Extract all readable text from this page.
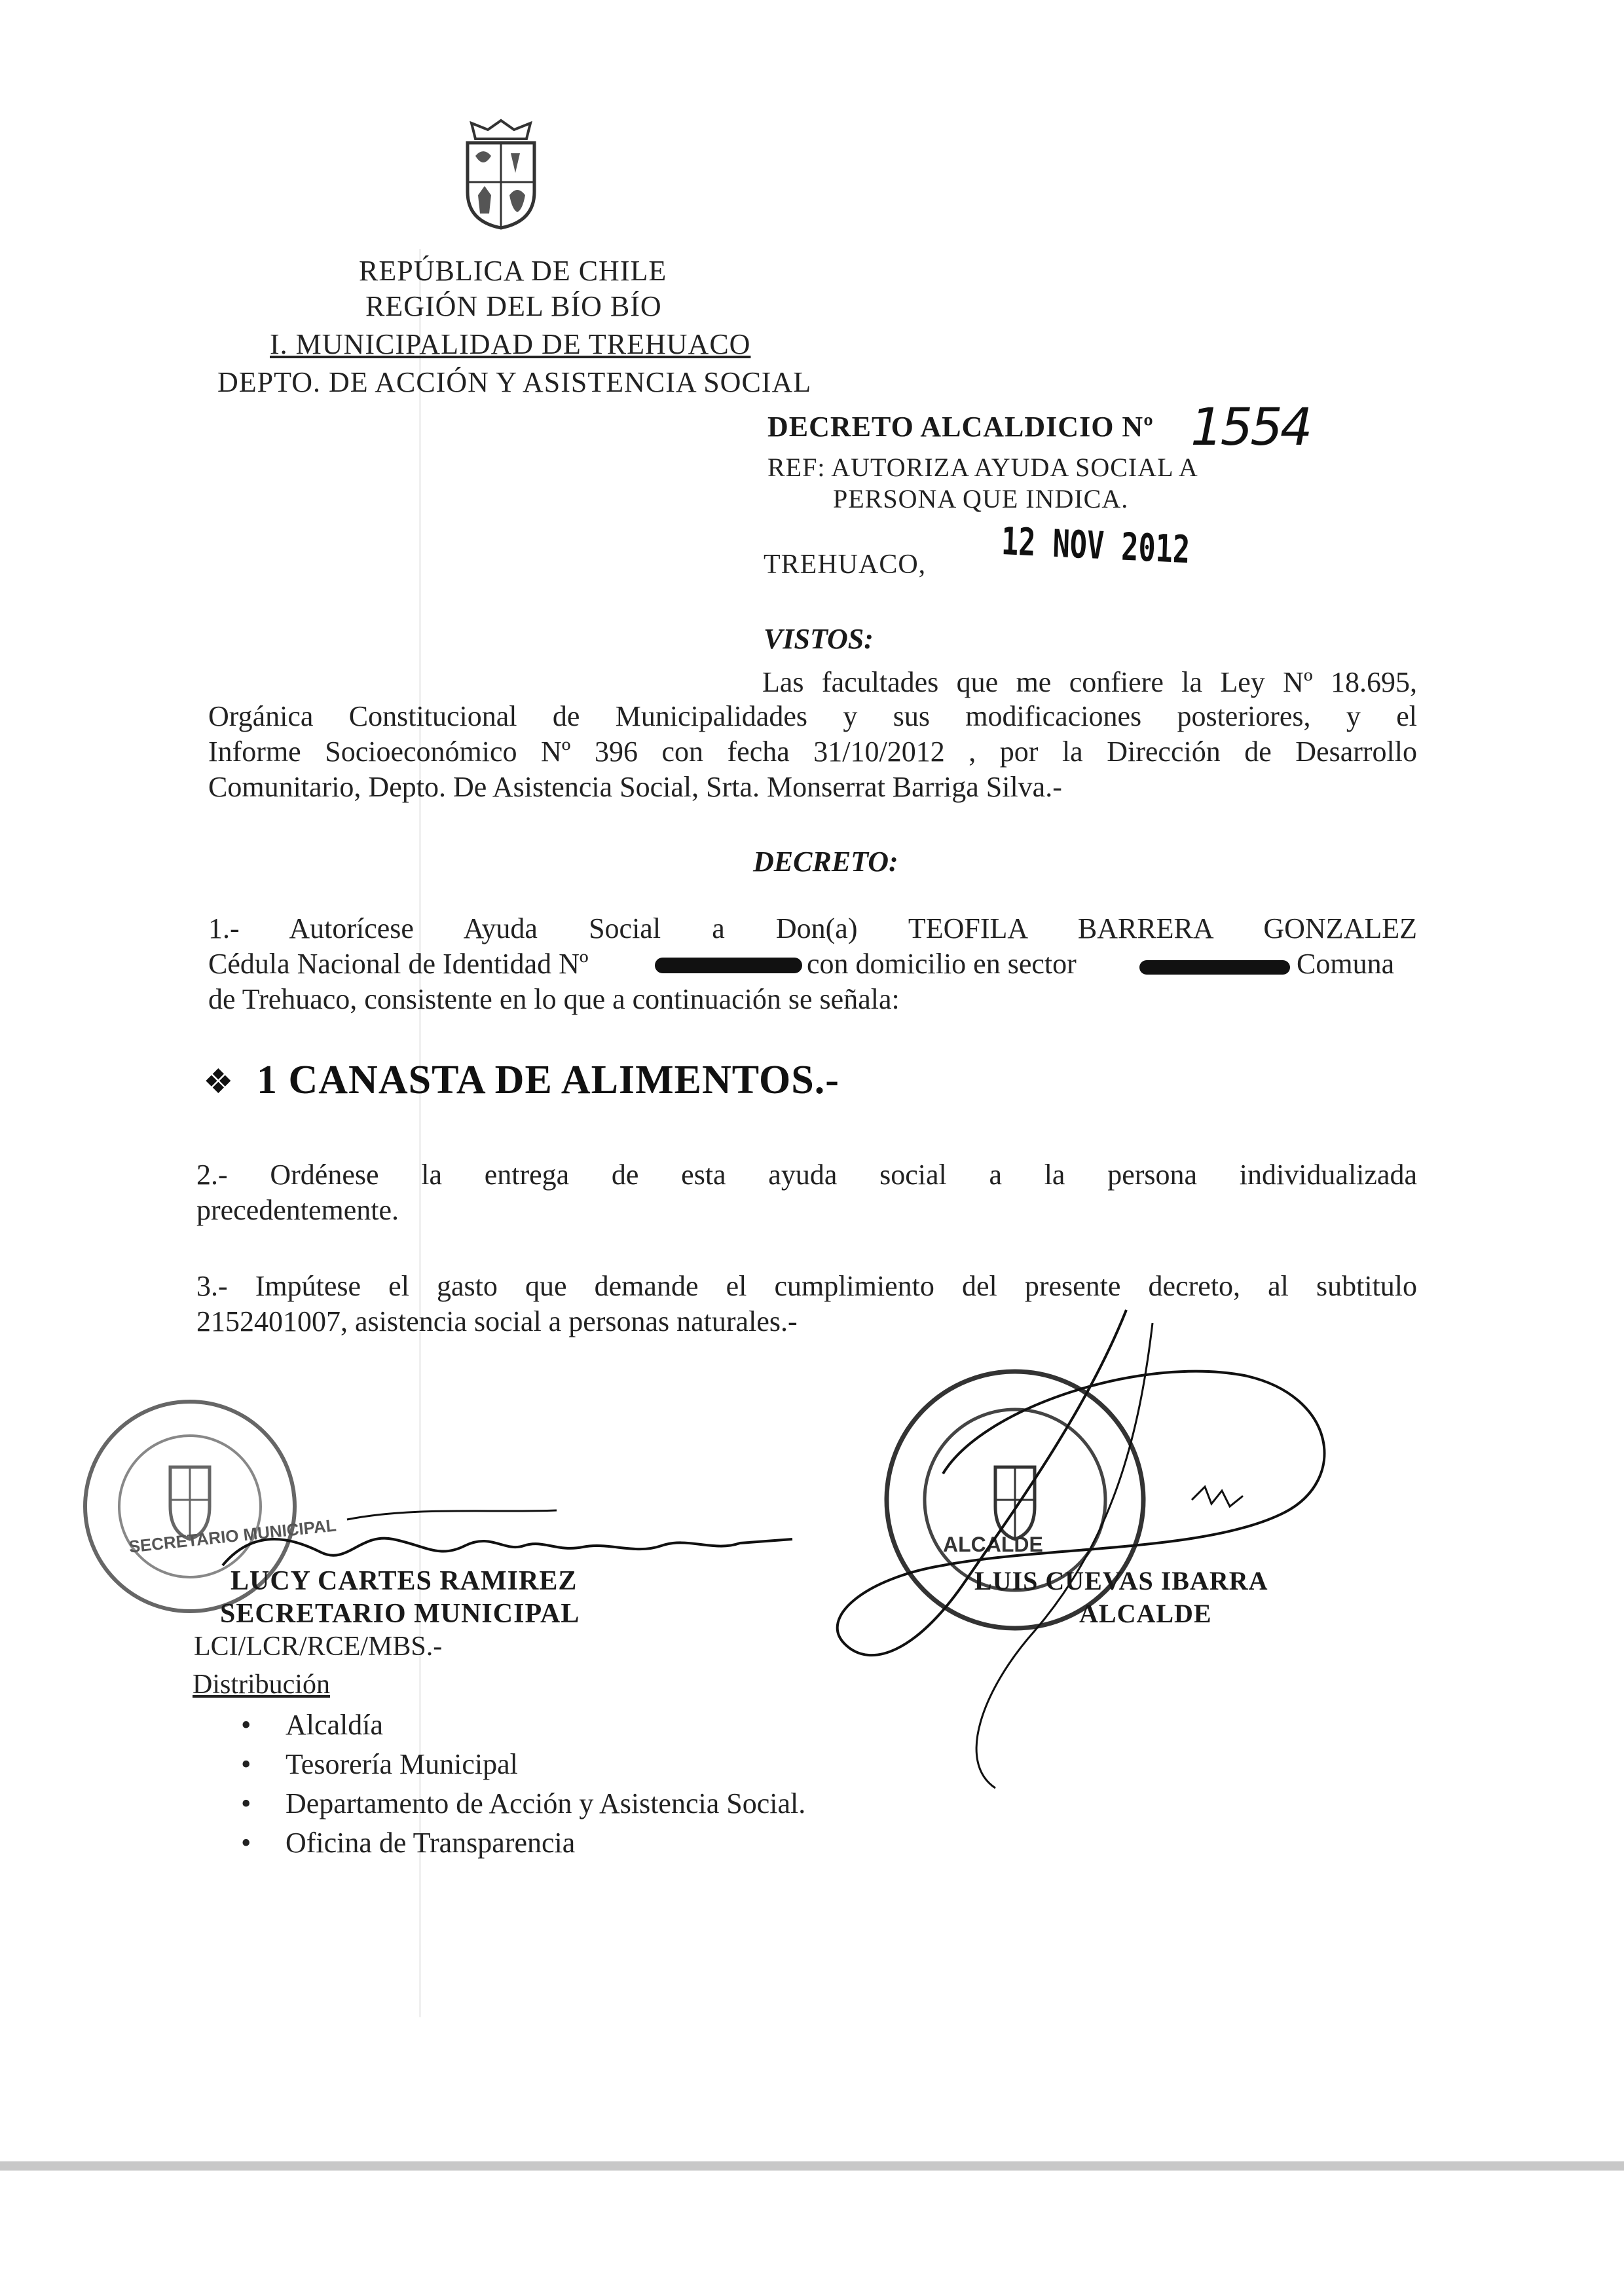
REPÚBLICA DE CHILE
REGIÓN DEL BÍO BÍO
I. MUNICIPALIDAD DE TREHUACO
DEPTO. DE ACCIÓN Y ASISTENCIA SOCIAL
DECRETO ALCALDICIO Nº 1554
REF: AUTORIZA AYUDA SOCIAL A
PERSONA QUE INDICA.
12 NOV 2012
TREHUACO,
VISTOS:
Las facultades que me confiere la Ley Nº 18.695,
Orgánica Constitucional de Municipalidades y sus modificaciones posteriores, y el
Informe Socioeconómico Nº 396 con fecha 31/10/2012 , por la Dirección de Desarrollo
Comunitario, Depto. De Asistencia Social, Srta. Monserrat Barriga Silva.-
DECRETO:
1.- Autorícese Ayuda Social a Don(a) TEOFILA BARRERA GONZALEZ
Cédula Nacional de Identidad Nº	con domicilio en sector	Comuna
de Trehuaco, consistente en lo que a continuación se señala:
❖ 1 CANASTA DE ALIMENTOS.-
2.- Ordénese la entrega de esta ayuda social a la persona individualizada
precedentemente.
3.- Impútese el gasto que demande el cumplimiento del presente decreto, al subtitulo
2152401007, asistencia social a personas naturales.-
SECRETARIO MUNICIPAL
LUCY CARTES RAMIREZ
SECRETARIO MUNICIPAL
ALCALDE
LUIS CUEVAS IBARRA
ALCALDE
LCI/LCR/RCE/MBS.-
Distribución
• Alcaldía
• Tesorería Municipal
• Departamento de Acción y Asistencia Social.
• Oficina de Transparencia
